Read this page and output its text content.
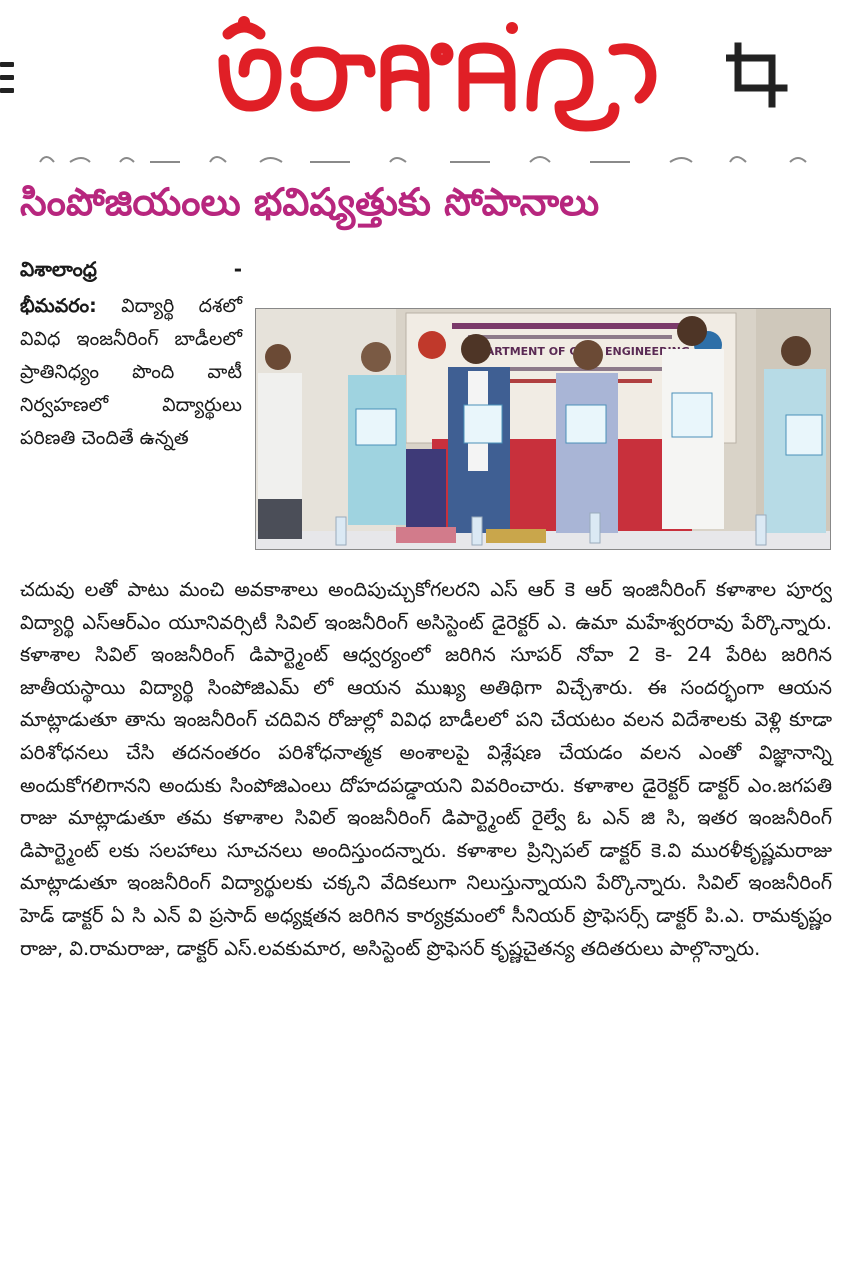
సింపోజియంలు భవిష్యత్తుకు సోపానాలు
విశాలాంధ్ర	-
భీమవరం: విద్యార్థి దశలో వివిధ ఇంజనీరింగ్ బాడీలలో ప్రాతినిధ్యం పొంది వాటీ నిర్వహణలో విద్యార్థులు పరిణతి చెందితే ఉన్నత
DEPARTMENT OF ENGINEERING
చదువు లతో పాటు మంచి అవకాశాలు అందిపుచ్చుకోగలరని ఎస్ ఆర్ కె ఆర్ ఇంజినీరింగ్ కళాశాల పూర్వ విద్యార్థి ఎస్ఆర్ఎం యూనివర్సిటీ సివిల్ ఇంజనీరింగ్ అసిస్టెంట్ డైరెక్టర్ ఎ. ఉమా మహేశ్వరరావు పేర్కొన్నారు. కళాశాల సివిల్ ఇంజనీరింగ్ డిపార్ట్మెంట్ ఆధ్వర్యంలో జరిగిన సూపర్ నోవా 2 కె- 24 పేరిట జరిగిన జాతీయస్థాయి విద్యార్థి సింపోజిఎమ్ లో ఆయన ముఖ్య అతిథిగా విచ్చేశారు. ఈ సందర్భంగా ఆయన మాట్లాడుతూ తాను ఇంజనీరింగ్ చదివిన రోజుల్లో వివిధ బాడీలలో పని చేయటం వలన విదేశాలకు వెళ్లి కూడా పరిశోధనలు చేసి తదనంతరం పరిశోధనాత్మక అంశాలపై విశ్లేషణ చేయడం వలన ఎంతో విజ్ఞానాన్ని అందుకోగలిగానని అందుకు సింపోజిఎంలు దోహదపడ్డాయని వివరించారు. కళాశాల డైరెక్టర్ డాక్టర్ ఎం.జగపతి రాజు మాట్లాడుతూ తమ కళాశాల సివిల్ ఇంజనీరింగ్ డిపార్ట్మెంట్ రైల్వే ఓ ఎన్ జి సి, ఇతర ఇంజనీరింగ్ డిపార్ట్మెంట్ లకు సలహాలు సూచనలు అందిస్తుందన్నారు. కళాశాల ప్రిన్సిపల్ డాక్టర్ కె.వి మురళీకృష్ణమరాజు మాట్లాడుతూ ఇంజనీరింగ్ విద్యార్థులకు చక్కని వేదికలుగా నిలుస్తున్నాయని పేర్కొన్నారు. సివిల్ ఇంజనీరింగ్ హెడ్ డాక్టర్ ఏ సి ఎన్ వి ప్రసాద్ అధ్యక్షతన జరిగిన కార్యక్రమంలో సీనియర్ ప్రొఫెసర్స్ డాక్టర్ పి.ఎ. రామకృష్ణం రాజు, వి.రామరాజు, డాక్టర్ ఎస్.లవకుమార, అసిస్టెంట్ ప్రొఫెసర్ కృష్ణచైతన్య తదితరులు పాల్గొన్నారు.
